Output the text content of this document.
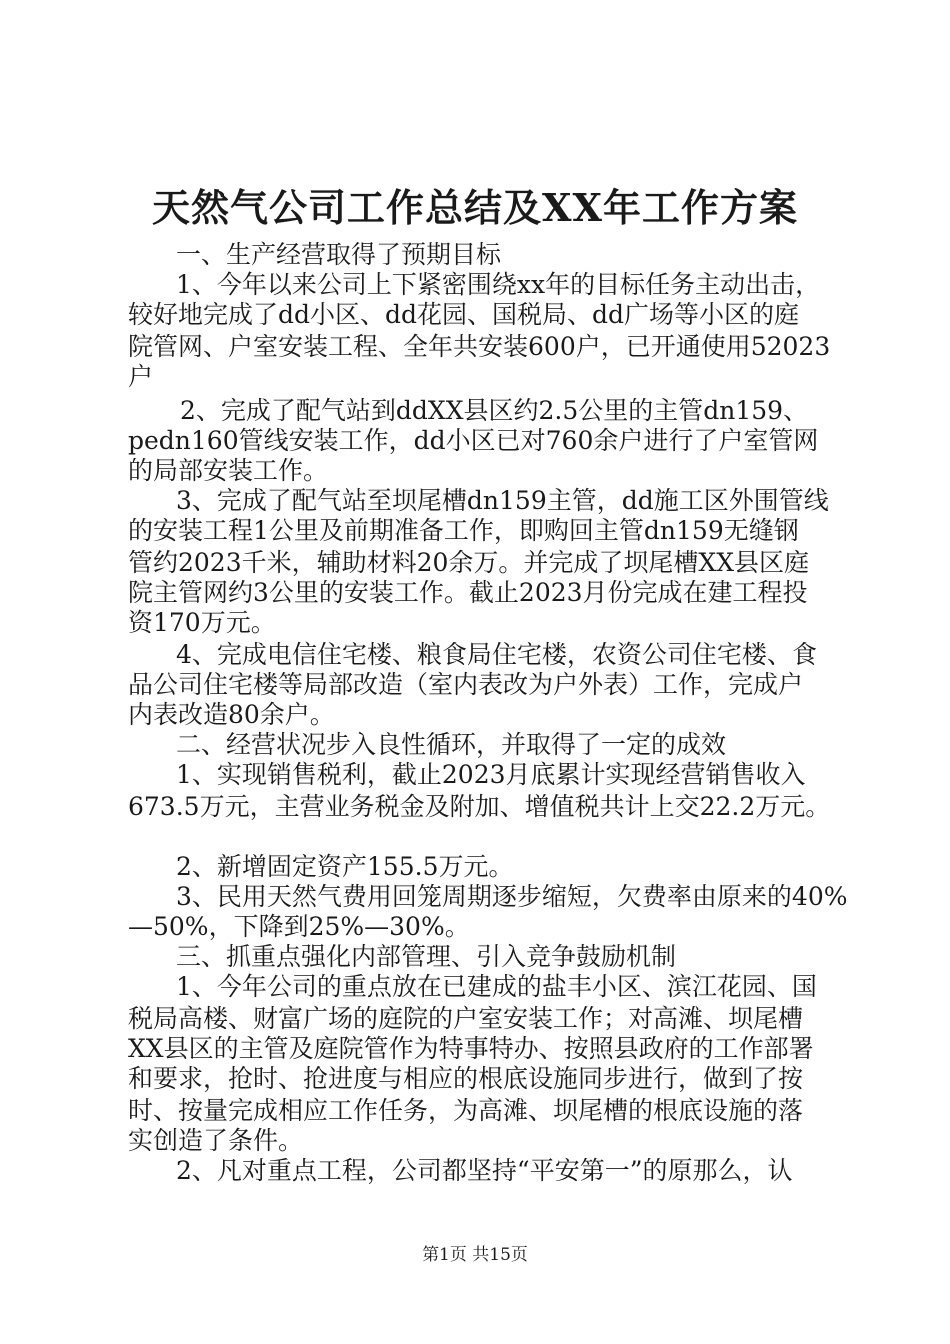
天然气公司工作总结及XX年工作方案
一、生产经营取得了预期目标
1、今年以来公司上下紧密围绕xx年的目标任务主动出击，
较好地完成了dd小区、dd花园、国税局、dd广场等小区的庭
院管网、户室安装工程、全年共安装600户，已开通使用52023
户
2、完成了配气站到ddXX县区约2.5公里的主管dn159、
pedn160管线安装工作，dd小区已对760余户进行了户室管网
的局部安装工作。
3、完成了配气站至坝尾槽dn159主管，dd施工区外围管线
的安装工程1公里及前期准备工作，即购回主管dn159无缝钢
管约2023千米，辅助材料20余万。并完成了坝尾槽XX县区庭
院主管网约3公里的安装工作。截止2023月份完成在建工程投
资170万元。
4、完成电信住宅楼、粮食局住宅楼，农资公司住宅楼、食
品公司住宅楼等局部改造（室内表改为户外表）工作，完成户
内表改造80余户。
二、经营状况步入良性循环，并取得了一定的成效
1、实现销售税利，截止2023月底累计实现经营销售收入
673.5万元，主营业务税金及附加、增值税共计上交22.2万元。
2、新增固定资产155.5万元。
3、民用天然气费用回笼周期逐步缩短，欠费率由原来的40%
—50%，下降到25%—30%。
三、抓重点强化内部管理、引入竞争鼓励机制
1、今年公司的重点放在已建成的盐丰小区、滨江花园、国
税局高楼、财富广场的庭院的户室安装工作；对高滩、坝尾槽
XX县区的主管及庭院管作为特事特办、按照县政府的工作部署
和要求，抢时、抢进度与相应的根底设施同步进行，做到了按
时、按量完成相应工作任务，为高滩、坝尾槽的根底设施的落
实创造了条件。
2、凡对重点工程，公司都坚持“平安第一”的原那么，认
第1页 共15页
